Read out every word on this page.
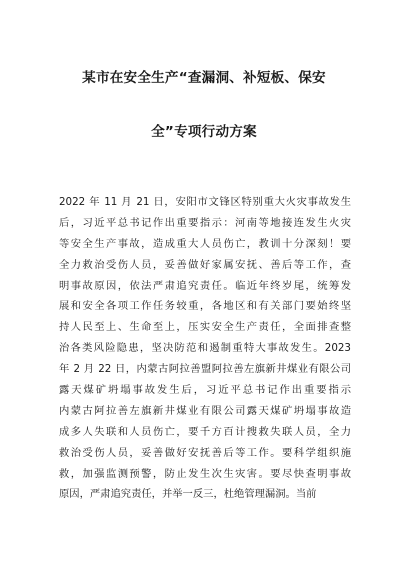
某市在安全生产“查漏洞、补短板、保安
全”专项行动方案
2022 年 11 月 21 日，安阳市文锋区特别重大火灾事故发生
后，习近平总书记作出重要指示：河南等地接连发生火灾
等安全生产事故，造成重大人员伤亡，教训十分深刻！要
全力救治受伤人员，妥善做好家属安抚、善后等工作，查
明事故原因，依法严肃追究责任。临近年终岁尾，统筹发
展和安全各项工作任务较重，各地区和有关部门要始终坚
持人民至上、生命至上，压实安全生产责任，全面排查整
治各类风险隐患，坚决防范和遏制重特大事故发生。2023
年 2 月 22 日，内蒙古阿拉善盟阿拉善左旗新井煤业有限公司
露天煤矿坍塌事故发生后，习近平总书记作出重要指示
内蒙古阿拉善左旗新井煤业有限公司露天煤矿坍塌事故造
成多人失联和人员伤亡，要千方百计搜救失联人员，全力
救治受伤人员，妥善做好安抚善后等工作。要科学组织施
救，加强监测预警，防止发生次生灾害。要尽快查明事故
原因，严肃追究责任，并举一反三，杜绝管理漏洞。当前
